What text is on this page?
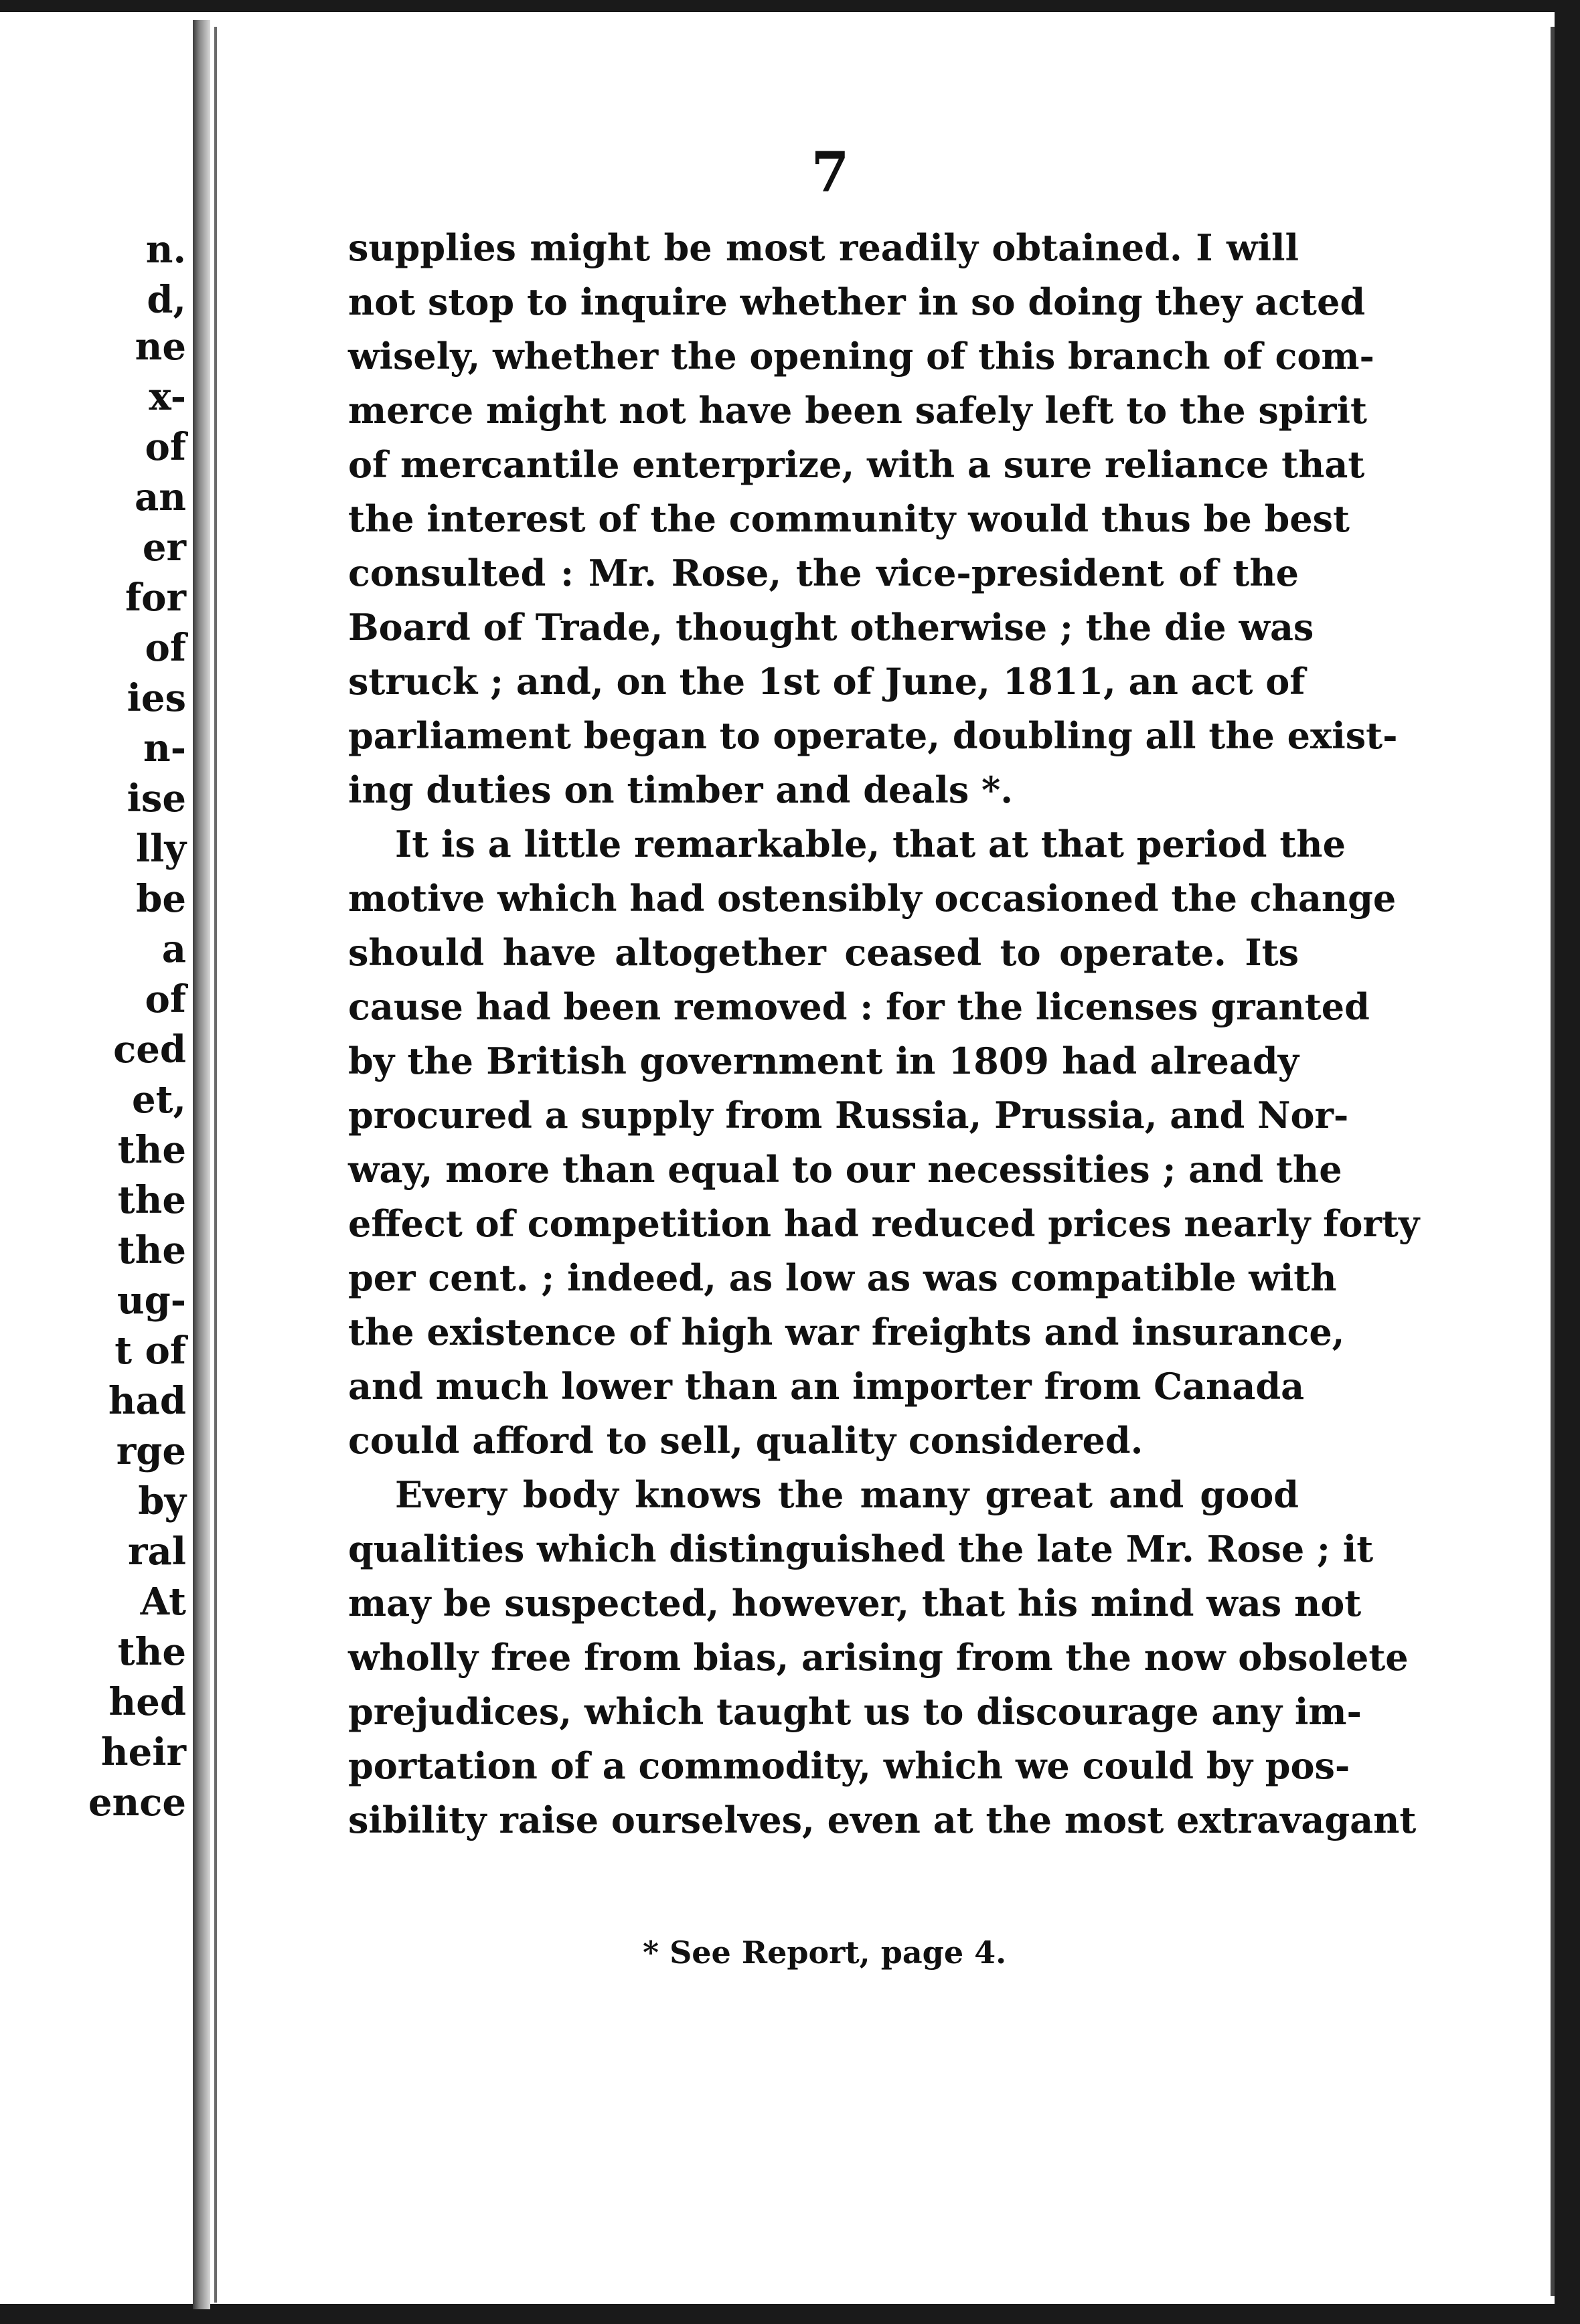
n.
d,
ne
x-
of
an
er
for
of
ies
n-
ise
lly
be
a
of
ced
et,
the
the
the
ug-
t of
had
rge
by
ral
At
the
hed
heir
ence
7
supplies might be most readily obtained. I will
not stop to inquire whether in so doing they acted
wisely, whether the opening of this branch of com-
merce might not have been safely left to the spirit
of mercantile enterprize, with a sure reliance that
the interest of the community would thus be best
consulted : Mr. Rose, the vice-president of the
Board of Trade, thought otherwise ; the die was
struck ; and, on the 1st of June, 1811, an act of
parliament began to operate, doubling all the exist-
ing duties on timber and deals *.
It is a little remarkable, that at that period the
motive which had ostensibly occasioned the change
should have altogether ceased to operate. Its
cause had been removed : for the licenses granted
by the British government in 1809 had already
procured a supply from Russia, Prussia, and Nor-
way, more than equal to our necessities ; and the
effect of competition had reduced prices nearly forty
per cent. ; indeed, as low as was compatible with
the existence of high war freights and insurance,
and much lower than an importer from Canada
could afford to sell, quality considered.
Every body knows the many great and good
qualities which distinguished the late Mr. Rose ; it
may be suspected, however, that his mind was not
wholly free from bias, arising from the now obsolete
prejudices, which taught us to discourage any im-
portation of a commodity, which we could by pos-
sibility raise ourselves, even at the most extravagant
* See Report, page 4.
